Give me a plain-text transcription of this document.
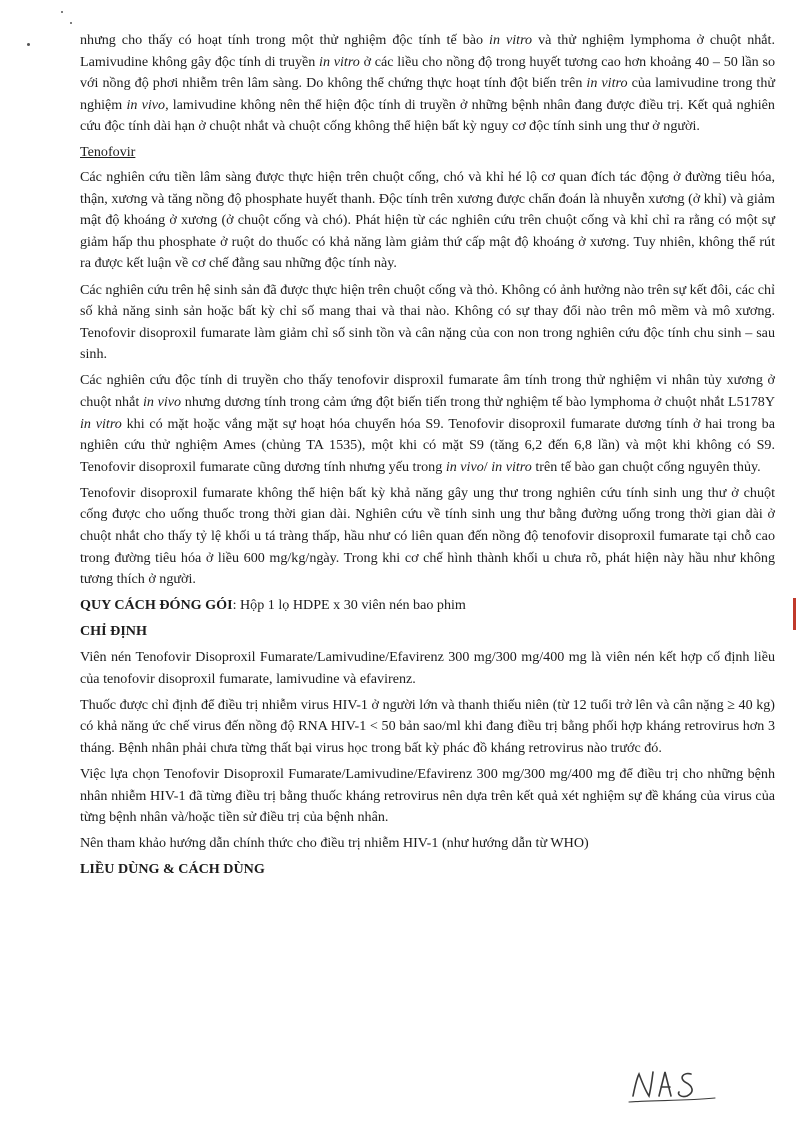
nhưng cho thấy có hoạt tính trong một thử nghiệm độc tính tế bào in vitro và thử nghiệm lymphoma ở chuột nhắt. Lamivudine không gây độc tính di truyền in vitro ở các liều cho nồng độ trong huyết tương cao hơn khoảng 40 – 50 lần so với nồng độ phơi nhiễm trên lâm sàng. Do không thể chứng thực hoạt tính đột biến trên in vitro của lamivudine trong thử nghiệm in vivo, lamivudine không nên thể hiện độc tính di truyền ở những bệnh nhân đang được điều trị. Kết quả nghiên cứu độc tính dài hạn ở chuột nhắt và chuột cống không thể hiện bất kỳ nguy cơ độc tính sinh ung thư ở người.

Tenofovir

Các nghiên cứu tiền lâm sàng được thực hiện trên chuột cống, chó và khỉ hé lộ cơ quan đích tác động ở đường tiêu hóa, thận, xương và tăng nồng độ phosphate huyết thanh. Độc tính trên xương được chẩn đoán là nhuyễn xương (ở khỉ) và giảm mật độ khoáng ở xương (ở chuột cống và chó). Phát hiện từ các nghiên cứu trên chuột cống và khỉ chỉ ra rằng có một sự giảm hấp thu phosphate ở ruột do thuốc có khả năng làm giảm thứ cấp mật độ khoáng ở xương. Tuy nhiên, không thể rút ra được kết luận về cơ chế đằng sau những độc tính này.

Các nghiên cứu trên hệ sinh sản đã được thực hiện trên chuột cống và thỏ. Không có ảnh hưởng nào trên sự kết đôi, các chỉ số khả năng sinh sản hoặc bất kỳ chỉ số mang thai và thai nào. Không có sự thay đổi nào trên mô mềm và mô xương. Tenofovir disoproxil fumarate làm giảm chỉ số sinh tồn và cân nặng của con non trong nghiên cứu độc tính chu sinh – sau sinh.

Các nghiên cứu độc tính di truyền cho thấy tenofovir disproxil fumarate âm tính trong thử nghiệm vi nhân tủy xương ở chuột nhắt in vivo nhưng dương tính trong cảm ứng đột biến tiến trong thử nghiệm tế bào lymphoma ở chuột nhắt L5178Y in vitro khi có mặt hoặc vắng mặt sự hoạt hóa chuyển hóa S9. Tenofovir disoproxil fumarate dương tính ở hai trong ba nghiên cứu thử nghiệm Ames (chủng TA 1535), một khi có mặt S9 (tăng 6,2 đến 6,8 lần) và một khi không có S9. Tenofovir disoproxil fumarate cũng dương tính nhưng yếu trong in vivo/ in vitro trên tế bào gan chuột cống nguyên thủy.

Tenofovir disoproxil fumarate không thể hiện bất kỳ khả năng gây ung thư trong nghiên cứu tính sinh ung thư ở chuột cống được cho uống thuốc trong thời gian dài. Nghiên cứu về tính sinh ung thư bằng đường uống trong thời gian dài ở chuột nhắt cho thấy tỷ lệ khối u tá tràng thấp, hầu như có liên quan đến nồng độ tenofovir disoproxil fumarate tại chỗ cao trong đường tiêu hóa ở liều 600 mg/kg/ngày. Trong khi cơ chế hình thành khối u chưa rõ, phát hiện này hầu như không tương thích ở người.

QUY CÁCH ĐÓNG GÓI: Hộp 1 lọ HDPE x 30 viên nén bao phim

CHỈ ĐỊNH

Viên nén Tenofovir Disoproxil Fumarate/Lamivudine/Efavirenz 300 mg/300 mg/400 mg là viên nén kết hợp cố định liều của tenofovir disoproxil fumarate, lamivudine và efavirenz.

Thuốc được chỉ định để điều trị nhiễm virus HIV-1 ở người lớn và thanh thiếu niên (từ 12 tuổi trở lên và cân nặng ≥ 40 kg) có khả năng ức chế virus đến nồng độ RNA HIV-1 < 50 bản sao/ml khi đang điều trị bằng phối hợp kháng retrovirus hơn 3 tháng. Bệnh nhân phải chưa từng thất bại virus học trong bất kỳ phác đồ kháng retrovirus nào trước đó.

Việc lựa chọn Tenofovir Disoproxil Fumarate/Lamivudine/Efavirenz 300 mg/300 mg/400 mg để điều trị cho những bệnh nhân nhiễm HIV-1 đã từng điều trị bằng thuốc kháng retrovirus nên dựa trên kết quả xét nghiệm sự đề kháng của virus của từng bệnh nhân và/hoặc tiền sử điều trị của bệnh nhân.

Nên tham khảo hướng dẫn chính thức cho điều trị nhiễm HIV-1 (như hướng dẫn từ WHO)

LIỀU DÙNG & CÁCH DÙNG
